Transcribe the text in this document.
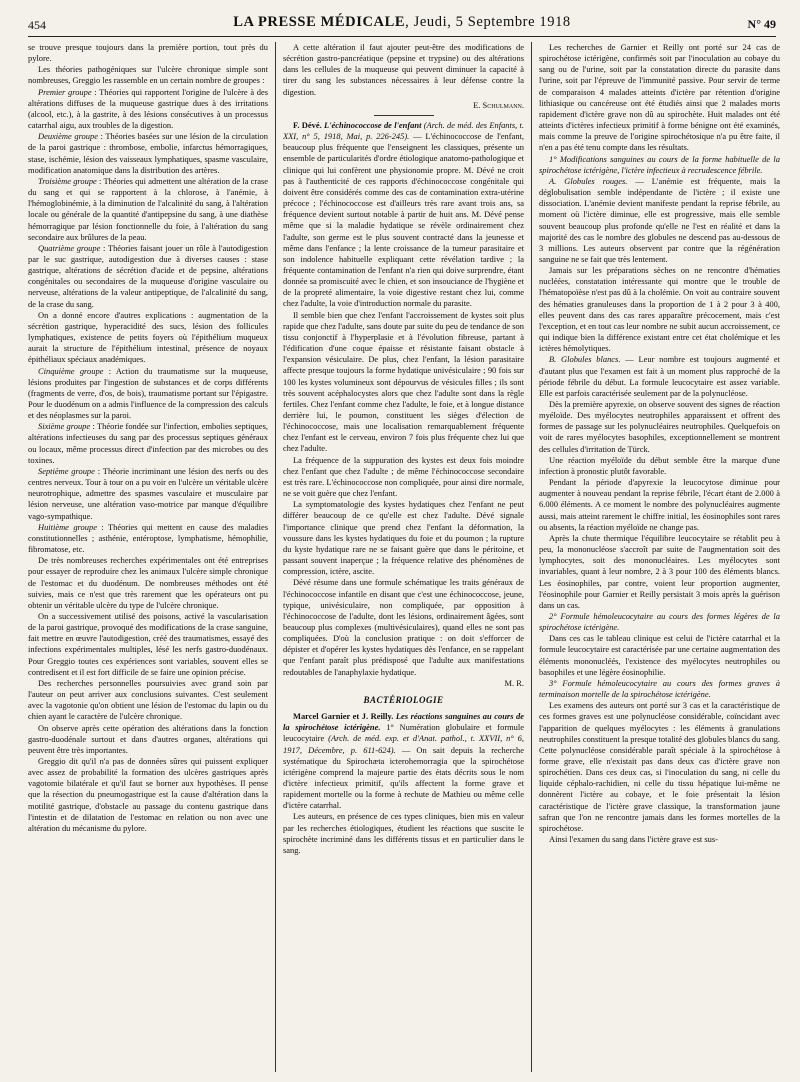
454	LA PRESSE MÉDICALE, Jeudi, 5 Septembre 1918	N° 49

se trouve presque toujours dans la première portion, tout près du pylore.

Les théories pathogéniques sur l'ulcère chronique simple sont nombreuses, Greggio les rassemble en un certain nombre de groupes :

Premier groupe : Théories qui rapportent l'origine de l'ulcère à des altérations diffuses de la muqueuse gastrique dues à des irritations (alcool, etc.), à la gastrite, à des lésions consécutives à un processus catarrhal aigu, aux troubles de la digestion.

Deuxième groupe : Théories basées sur une lésion de la circulation de la paroi gastrique : thrombose, embolie, infarctus hémorragiques, stase, ischémie, lésion des vaisseaux lymphatiques, spasme vasculaire, modification anatomique dans la distribution des artères.

Troisième groupe : Théories qui admettent une altération de la crase du sang et qui se rapportent à la chlorose, à l'anémie, à l'hémoglobinémie, à la diminution de l'alcalinité du sang, à l'altération locale ou générale de la quantité d'antipepsine du sang, à une diathèse hémorragique par lésion fonctionnelle du foie, à l'altération du sang secondaire aux brûlures de la peau.

Quatrième groupe : Théories faisant jouer un rôle à l'autodigestion par le suc gastrique, autodigestion due à diverses causes : stase gastrique, altérations de sécrétion d'acide et de pepsine, altérations congénitales ou secondaires de la muqueuse d'origine vasculaire ou nerveuse, altérations de la valeur antipeptique, de l'alcalinité du sang, de la crase du sang.

On a donné encore d'autres explications : augmentation de la sécrétion gastrique, hyperacidité des sucs, lésion des follicules lymphatiques, existence de petits foyers où l'épithélium muqueux aurait la structure de l'épithélium intestinal, présence de noyaux épithéliaux spéciaux anadémiques.

Cinquième groupe : Action du traumatisme sur la muqueuse, lésions produites par l'ingestion de substances et de corps différents (fragments de verre, d'os, de bois), traumatisme portant sur l'épigastre. Pour le duodénum on a admis l'influence de la compression des calculs et des néoplasmes sur la paroi.

Sixième groupe : Théorie fondée sur l'infection, embolies septiques, altérations infectieuses du sang par des processus septiques généraux ou locaux, même processus direct d'infection par des microbes ou des toxines.

Septième groupe : Théorie incriminant une lésion des nerfs ou des centres nerveux. Tour à tour on a pu voir en l'ulcère un véritable ulcère neurotrophique, admettre des spasmes vasculaire et musculaire par lésion nerveuse, une altération vaso-motrice par manque d'équilibre vago-sympathique.

Huitième groupe : Théories qui mettent en cause des maladies constitutionnelles ; asthénie, entéroptose, lymphatisme, hémophilie, fibromatose, etc.

De très nombreuses recherches expérimentales ont été entreprises pour essayer de reproduire chez les animaux l'ulcère simple chronique de l'estomac et du duodénum. De nombreuses méthodes ont été suivies, mais ce n'est que très rarement que les opérateurs ont pu obtenir un véritable ulcère du type de l'ulcère chronique.

On a successivement utilisé des poisons, activé la vascularisation de la paroi gastrique, provoqué des modifications de la crase sanguine, fait mettre en œuvre l'autodigestion, créé des traumatismes, essayé des infections expérimentales multiples, lésé les nerfs gastro-duodénaux. Pour Greggio toutes ces expériences sont variables, souvent elles se contredisent et il est fort difficile de se faire une opinion précise.

Des recherches personnelles poursuivies avec grand soin par l'auteur on peut arriver aux conclusions suivantes. C'est seulement avec la vagotonie qu'on obtient une lésion de l'estomac du lapin ou du chien ayant le caractère de l'ulcère chronique.

On observe après cette opération des altérations dans la fonction gastro-duodénale surtout et dans d'autres organes, altérations qui peuvent être très importantes.

Greggio dit qu'il n'a pas de données sûres qui puissent expliquer avec assez de probabilité la formation des ulcères gastriques après vagotomie bilatérale et qu'il faut se borner aux hypothèses. Il pense que la résection du pneumogastrique est la cause d'altération dans la motilité gastrique, d'obstacle au passage du contenu gastrique dans l'intestin et de dilatation de l'estomac en relation ou non avec une altération du mécanisme du pylore.

A cette altération il faut ajouter peut-être des modifications de sécrétion gastro-pancréatique (pepsine et trypsine) ou des altérations dans les cellules de la muqueuse qui peuvent diminuer la capacité à tirer du sang les substances nécessaires à leur défense contre la digestion.

E. Schulmann.

F. Dévé. L'échinococcose de l'enfant (Arch. de méd. des Enfants, t. XXI, n° 5, 1918, Mai, p. 226-245). — L'échinococcose de l'enfant, beaucoup plus fréquente que l'enseignent les classiques, présente un ensemble de particularités d'ordre étiologique anatomo-pathologique et clinique qui lui confèrent une physionomie propre. M. Dévé ne croit pas à l'authenticité de ces rapports d'échinococcose congénitale qui doivent être considérés comme des cas de contamination extra-utérine précoce ; l'échinococcose est d'ailleurs très rare avant trois ans, sa fréquence devient surtout notable à partir de huit ans. M. Dévé pense même que si la maladie hydatique se révèle ordinairement chez l'adulte, son germe est le plus souvent contracté dans la jeunesse et même dans l'enfance ; la lente croissance de la tumeur parasitaire et son indolence habituelle expliquant cette révélation tardive ; la fréquente contamination de l'enfant n'a rien qui doive surprendre, étant donnée sa promiscuité avec le chien, et son insouciance de l'hygiène et de la propreté alimentaire, la voie digestive restant chez lui, comme chez l'adulte, la voie d'introduction normale du parasite.

Il semble bien que chez l'enfant l'accroissement de kystes soit plus rapide que chez l'adulte, sans doute par suite du peu de tendance de son tissu conjonctif à l'hyperplasie et à l'évolution fibreuse, partant à l'édification d'une coque épaisse et résistante faisant obstacle à l'expansion vésiculaire. De plus, chez l'enfant, la lésion parasitaire affecte presque toujours la forme hydatique univésiculaire ; 90 fois sur 100 les kystes volumineux sont dépourvus de vésicules filles ; ils sont très souvent acéphalocystes alors que chez l'adulte sont dans la règle fertiles. Chez l'enfant comme chez l'adulte, le foie, et à longue distance derrière lui, le poumon, constituent les sièges d'élection de l'échinococcose, mais une localisation remarquablement fréquente chez l'enfant est le cerveau, environ 7 fois plus fréquente chez lui que chez l'adulte.

La fréquence de la suppuration des kystes est deux fois moindre chez l'enfant que chez l'adulte ; de même l'échinococcose secondaire est très rare. L'échinococcose non compliquée, pour ainsi dire normale, ne se voit guère que chez l'enfant.

La symptomatologie des kystes hydatiques chez l'enfant ne peut différer beaucoup de ce qu'elle est chez l'adulte. Dévé signale l'importance clinique que prend chez l'enfant la déformation, la voussure dans les kystes hydatiques du foie et du poumon ; la rupture du kyste hydatique rare ne se faisant guère que dans le péritoine, et passant souvent inaperçue ; la fréquence relative des phénomènes de compression, ictère, ascite.

Dévé résume dans une formule schématique les traits généraux de l'échinococcose infantile en disant que c'est une échinococcose, jeune, typique, univésiculaire, non compliquée, par opposition à l'échinococcose de l'adulte, dont les lésions, ordinairement âgées, sont beaucoup plus complexes (multivésiculaires), quand elles ne sont pas compliquées. D'où la conclusion pratique : on doit s'efforcer de dépister et d'opérer les kystes hydatiques dès l'enfance, en se rappelant que l'enfant paraît plus prédisposé que l'adulte aux manifestations redoutables de l'anaphylaxie hydatique.

M. R.
BACTÉRIOLOGIE

Marcel Garnier et J. Reilly. Les réactions sanguines au cours de la spirochétose ictérigène. 1° Numération globulaire et formule leucocytaire (Arch. de méd. exp. et d'Anat. pathol., t. XXVII, n° 6, 1917, Décembre, p. 611-624). — On sait depuis la recherche systématique du Spirochæta icterohemorragia que la spirochétose ictérigène comprend la majeure partie des états décrits sous le nom d'ictère infectieux primitif, qu'ils affectent la forme grave et rapidement mortelle ou la forme à rechute de Mathieu ou même celle d'ictère catarrhal.

Les auteurs, en présence de ces types cliniques, bien mis en valeur par les recherches étiologiques, étudient les réactions que suscite le spirochète incriminé dans les différents tissus et en particulier dans le sang.

Les recherches de Garnier et Reilly ont porté sur 24 cas de spirochétose ictérigène, confirmés soit par l'inoculation au cobaye du sang ou de l'urine, soit par la constatation directe du parasite dans l'urine, soit par l'épreuve de l'immunité passive. Pour servir de terme de comparaison 4 malades atteints d'ictère par rétention d'origine lithiasique ou cancéreuse ont été étudiés ainsi que 2 malades morts rapidement d'ictère grave non dû au spirochète. Huit malades ont été atteints d'ictères infectieux primitif à forme bénigne ont été examinés, mais comme la preuve de l'origine spirochétosique n'a pu être faite, il n'en a pas été tenu compte dans les résultats.

1° Modifications sanguines au cours de la forme habituelle de la spirochétose ictérigène, l'ictère infectieux à recrudescence fébrile.

A. Globules rouges. — L'anémie est fréquente, mais la déglobulisation semble indépendante de l'ictère ; il existe une dissociation. L'anémie devient manifeste pendant la reprise fébrile, au moment où l'ictère diminue, elle est progressive, mais elle semble souvent beaucoup plus profonde qu'elle ne l'est en réalité et dans la majorité des cas le nombre des globules ne descend pas au-dessous de 3 millions. Les auteurs observent par contre que la régénération sanguine ne se fait que très lentement.

Jamais sur les préparations sèches on ne rencontre d'hématies nucléées, constatation intéressante qui montre que le trouble de l'hématopoïèse n'est pas dû à la cholémie. On voit au contraire souvent des hématies granuleuses dans la proportion de 1 à 2 pour 3 à 400, elles peuvent dans des cas rares apparaître précocement, mais c'est l'exception, et en tout cas leur nombre ne subit aucun accroissement, ce qui indique bien la différence existant entre cet état cholémique et les ictères hémolytiques.

B. Globules blancs. — Leur nombre est toujours augmenté et d'autant plus que l'examen est fait à un moment plus rapproché de la période fébrile du début. La formule leucocytaire est assez variable. Elle est parfois caractérisée seulement par de la polynucléose.

Dès la première apyrexie, on observe souvent des signes de réaction myéloïde. Des myélocytes neutrophiles apparaissent et offrent des formes de passage sur les polynucléaires neutrophiles. Quelquefois on voit de rares myélocytes basophiles, exceptionnellement se montrent des cellules d'irritation de Türck.

Une réaction myéloïde du début semble être la marque d'une infection à pronostic plutôt favorable.

Pendant la période d'apyrexie la leucocytose diminue pour augmenter à nouveau pendant la reprise fébrile, l'écart étant de 2.000 à 6.000 éléments. A ce moment le nombre des polynucléaires augmente aussi, mais atteint rarement le chiffre initial, les éosinophiles sont rares ou absents, la réaction myéloïde ne change pas.

Après la chute thermique l'équilibre leucocytaire se rétablit peu à peu, la mononucléose s'accroît par suite de l'augmentation soit des lymphocytes, soit des mononucléaires. Les myélocytes sont invariables, quant à leur nombre, 2 à 3 pour 100 des éléments blancs. Les éosinophiles, par contre, voient leur proportion augmenter, l'éosinophile pour Garnier et Reilly persistait 3 mois après la guérison dans un cas.

2° Formule hémoleucocytaire au cours des formes légères de la spirochétose ictérigène.

Dans ces cas le tableau clinique est celui de l'ictère catarrhal et la formule leucocytaire est caractérisée par une certaine augmentation des éléments mononucléés, l'existence des myélocytes neutrophiles ou basophiles et une légère éosinophilie.

3° Formule hémoleucocytaire au cours des formes graves à terminaison mortelle de la spirochétose ictérigène.

Les examens des auteurs ont porté sur 3 cas et la caractéristique de ces formes graves est une polynucléose considérable, coïncidant avec l'apparition de quelques myélocytes : les éléments à granulations neutrophiles constituent la presque totalité des globules blancs du sang. Cette polynucléose considérable paraît spéciale à la spirochétose à forme grave, elle n'existait pas dans deux cas d'ictère grave non spirochétien. Dans ces deux cas, si l'inoculation du sang, ni celle du liquide céphalo-rachidien, ni celle du tissu hépatique lui-même ne donnèrent l'ictère au cobaye, et le foie présentait la lésion caractéristique de l'ictère grave classique, la transformation jaune safran que l'on ne rencontre jamais dans les formes mortelles de la spirochétose.

Ainsi l'examen du sang dans l'ictère grave est sus-
